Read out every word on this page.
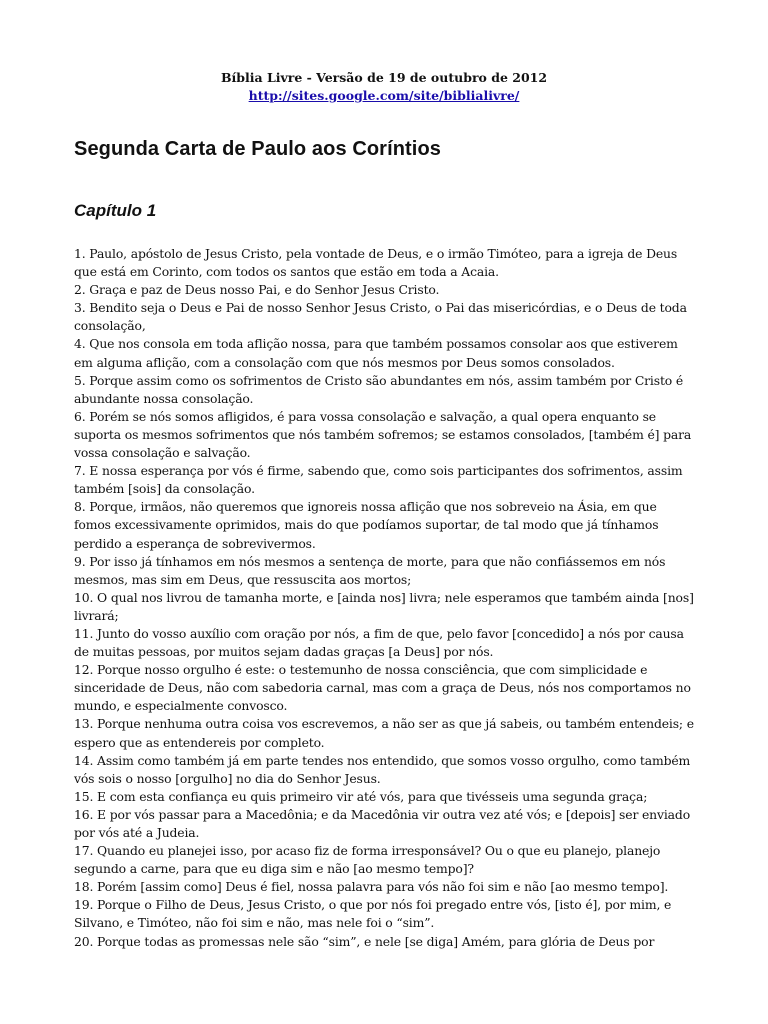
Bíblia Livre - Versão de 19 de outubro de 2012
http://sites.google.com/site/biblialivre/
Segunda Carta de Paulo aos Coríntios
Capítulo 1
1. Paulo, apóstolo de Jesus Cristo, pela vontade de Deus, e o irmão Timóteo, para a igreja de Deus que está em Corinto, com todos os santos que estão em toda a Acaia.
2. Graça e paz de Deus nosso Pai, e do Senhor Jesus Cristo.
3. Bendito seja o Deus e Pai de nosso Senhor Jesus Cristo, o Pai das misericórdias, e o Deus de toda consolação,
4. Que nos consola em toda aflição nossa, para que também possamos consolar aos que estiverem em alguma aflição, com a consolação com que nós mesmos por Deus somos consolados.
5. Porque assim como os sofrimentos de Cristo são abundantes em nós, assim também por Cristo é abundante nossa consolação.
6. Porém se nós somos afligidos, é para vossa consolação e salvação, a qual opera enquanto se suporta os mesmos sofrimentos que nós também sofremos; se estamos consolados, [também é] para vossa consolação e salvação.
7. E nossa esperança por vós é firme, sabendo que, como sois participantes dos sofrimentos, assim também [sois] da consolação.
8. Porque, irmãos, não queremos que ignoreis nossa aflição que nos sobreveio na Ásia, em que fomos excessivamente oprimidos, mais do que podíamos suportar, de tal modo que já tínhamos perdido a esperança de sobrevivermos.
9. Por isso já tínhamos em nós mesmos a sentença de morte, para que não confiássemos em nós mesmos, mas sim em Deus, que ressuscita aos mortos;
10. O qual nos livrou de tamanha morte, e [ainda nos] livra; nele esperamos que também ainda [nos] livrará;
11. Junto do vosso auxílio com oração por nós, a fim de que, pelo favor [concedido] a nós por causa de muitas pessoas, por muitos sejam dadas graças [a Deus] por nós.
12. Porque nosso orgulho é este: o testemunho de nossa consciência, que com simplicidade e sinceridade de Deus, não com sabedoria carnal, mas com a graça de Deus, nós nos comportamos no mundo, e especialmente convosco.
13. Porque nenhuma outra coisa vos escrevemos, a não ser as que já sabeis, ou também entendeis; e espero que as entendereis por completo.
14. Assim como também já em parte tendes nos entendido, que somos vosso orgulho, como também vós sois o nosso [orgulho] no dia do Senhor Jesus.
15. E com esta confiança eu quis primeiro vir até vós, para que tivésseis uma segunda graça;
16. E por vós passar para a Macedônia; e da Macedônia vir outra vez até vós; e [depois] ser enviado por vós até a Judeia.
17. Quando eu planejei isso, por acaso fiz de forma irresponsável? Ou o que eu planejo, planejo segundo a carne, para que eu diga sim e não [ao mesmo tempo]?
18. Porém [assim como] Deus é fiel, nossa palavra para vós não foi sim e não [ao mesmo tempo].
19. Porque o Filho de Deus, Jesus Cristo, o que por nós foi pregado entre vós, [isto é], por mim, e Silvano, e Timóteo, não foi sim e não, mas nele foi o “sim”.
20. Porque todas as promessas nele são “sim”, e nele [se diga] Amém, para glória de Deus por
